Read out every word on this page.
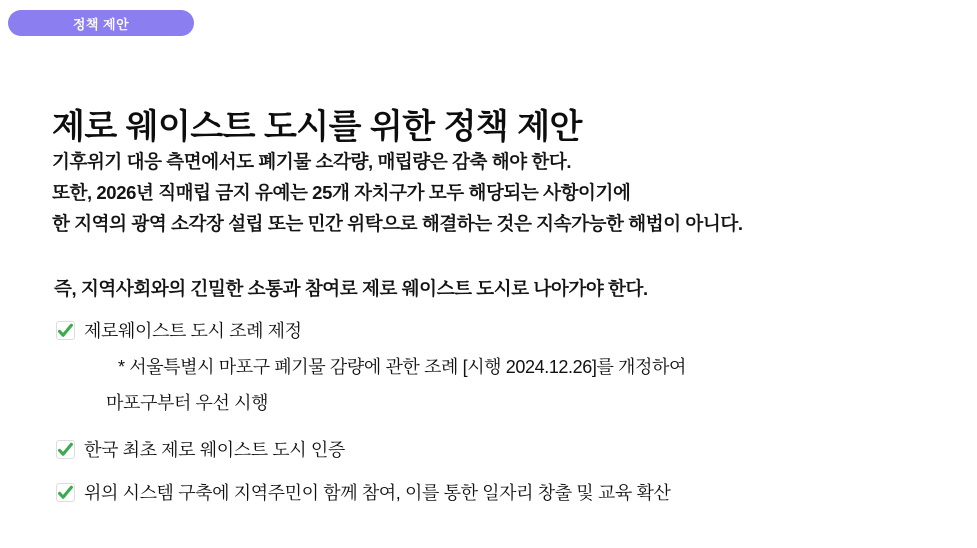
정책 제안
제로 웨이스트 도시를 위한 정책 제안
기후위기 대응 측면에서도 폐기물 소각량, 매립량은 감축 해야 한다.
또한, 2026년 직매립 금지 유예는 25개 자치구가 모두 해당되는 사항이기에
한 지역의 광역 소각장 설립 또는 민간 위탁으로 해결하는 것은 지속가능한 해법이 아니다.
즉, 지역사회와의 긴밀한 소통과 참여로 제로 웨이스트 도시로 나아가야 한다.
제로웨이스트 도시 조례 제정
* 서울특별시 마포구 폐기물 감량에 관한 조례 [시행 2024.12.26]를 개정하여
마포구부터 우선 시행
한국 최초 제로 웨이스트 도시 인증
위의 시스템 구축에 지역주민이 함께 참여, 이를 통한 일자리 창출 및 교육 확산
